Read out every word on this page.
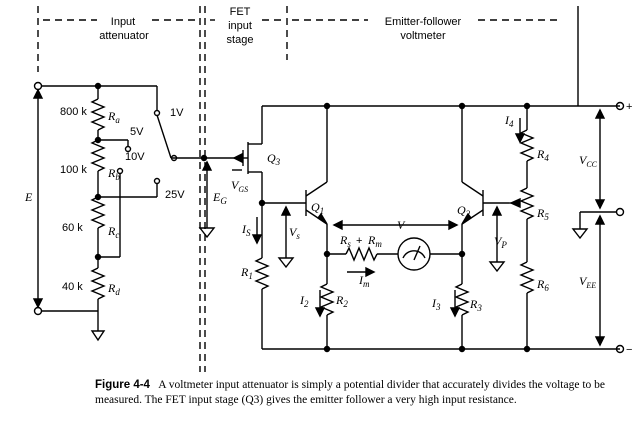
Input
attenuator
FET
input
stage
Emitter-follower
voltmeter
800 k
100 k
60 k
40 k
1V
5V
10V
25V
+
−
+
E
$R_a$
$R_b$
$R_c$
$R_d$
$E_G$
$V_{GS}$
$Q_3$
$Q_1$	$Q_2$
$I_S$	$V_s$
$R_1$
$R_2$	$R_3$
$R_4$
$R_5$
$R_6$
$I_2$	$I_3$
$I_4$
V
$R_s$ $R_m$
$I_m$
$V_P$
$V_{CC}$
$V_{EE}$
Figure 4-4 A voltmeter input attenuator is simply a potential divider that accurately divides the voltage to be measured. The FET input stage (Q3) gives the emitter follower a very high input resistance.
